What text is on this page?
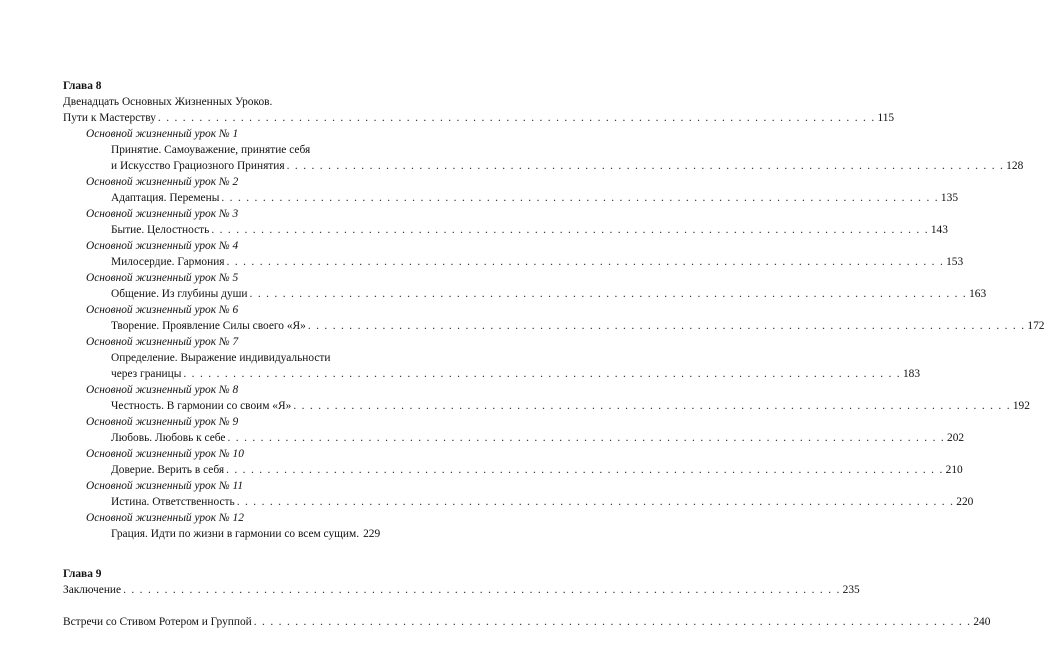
Глава 8
Двенадцать Основных Жизненных Уроков.
Пути к Мастерству . . .	115
Основной жизненный урок № 1
Принятие. Самоуважение, принятие себя
и Искусство Грациозного Принятия . . .	128
Основной жизненный урок № 2
Адаптация. Перемены . . .	135
Основной жизненный урок № 3
Бытие. Целостность . . .	143
Основной жизненный урок № 4
Милосердие. Гармония . . .	153
Основной жизненный урок № 5
Общение. Из глубины души . . .	163
Основной жизненный урок № 6
Творение. Проявление Силы своего «Я» . . .	172
Основной жизненный урок № 7
Определение. Выражение индивидуальности
через границы . . .	183
Основной жизненный урок № 8
Честность. В гармонии со своим «Я» . . .	192
Основной жизненный урок № 9
Любовь. Любовь к себе . . .	202
Основной жизненный урок № 10
Доверие. Верить в себя . . .	210
Основной жизненный урок № 11
Истина. Ответственность . . .	220
Основной жизненный урок № 12
Грация. Идти по жизни в гармонии со всем сущим. 229
Глава 9
Заключение . . .	235
Встречи со Стивом Ротером и Группой . . .	240
